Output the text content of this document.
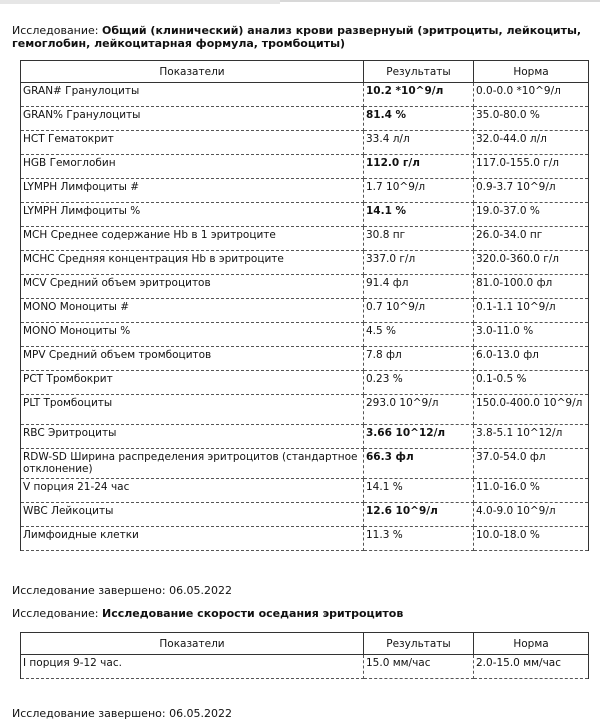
Исследование: Общий (клинический) анализ крови развернуый (эритроциты, лейкоциты, гемоглобин, лейкоцитарная формула, тромбоциты)
Показатели	Результаты	Норма
GRAN# Гранулоциты	10.2 *10^9/л	0.0-0.0 *10^9/л
GRAN% Гранулоциты	81.4 %	35.0-80.0 %
HCT Гематокрит	33.4 л/л	32.0-44.0 л/л
HGB Гемоглобин	112.0 г/л	117.0-155.0 г/л
LYMPH Лимфоциты #	1.7 10^9/л	0.9-3.7 10^9/л
LYMPH Лимфоциты %	14.1 %	19.0-37.0 %
MCH Среднее содержание Hb в 1 эритроците	30.8 пг	26.0-34.0 пг
MCHC Средняя концентрация Hb в эритроците	337.0 г/л	320.0-360.0 г/л
MCV Средний объем эритроцитов	91.4 фл	81.0-100.0 фл
MONO Моноциты #	0.7 10^9/л	0.1-1.1 10^9/л
MONO Моноциты %	4.5 %	3.0-11.0 %
MPV Средний объем тромбоцитов	7.8 фл	6.0-13.0 фл
PCT Тромбокрит	0.23 %	0.1-0.5 %
PLT Тромбоциты	293.0 10^9/л	150.0-400.0 10^9/л
RBC Эритроциты	3.66 10^12/л	3.8-5.1 10^12/л
RDW-SD Ширина распределения эритроцитов (стандартное отклонение)	66.3 фл	37.0-54.0 фл
V порция 21-24 час	14.1 %	11.0-16.0 %
WBC Лейкоциты	12.6 10^9/л	4.0-9.0 10^9/л
Лимфоидные клетки	11.3 %	10.0-18.0 %
Исследование завершено: 06.05.2022
Исследование: Исследование скорости оседания эритроцитов
Показатели	Результаты	Норма
I порция 9-12 час.	15.0 мм/час	2.0-15.0 мм/час
Исследование завершено: 06.05.2022
